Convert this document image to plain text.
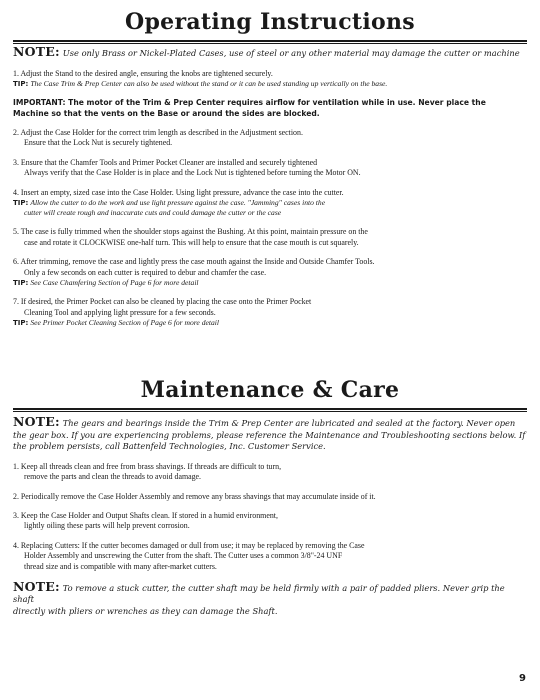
Operating Instructions

NOTE: Use only Brass or Nickel-Plated Cases, use of steel or any other material may damage the cutter or machine

1. Adjust the Stand to the desired angle, ensuring the knobs are tightened securely.

TIP: The Case Trim & Prep Center can also be used without the stand or it can be used standing up vertically on the base.

IMPORTANT: The motor of the Trim & Prep Center requires airflow for ventilation while in use. Never place the

Machine so that the vents on the Base or around the sides are blocked.

2. Adjust the Case Holder for the correct trim length as described in the Adjustment section.

Ensure that the Lock Nut is securely tightened.

3. Ensure that the Chamfer Tools and Primer Pocket Cleaner are installed and securely tightened

Always verify that the Case Holder is in place and the Lock Nut is tightened before turning the Motor ON.

4. Insert an empty, sized case into the Case Holder. Using light pressure, advance the case into the cutter.

TIP: Allow the cutter to do the work and use light pressure against the case. "Jamming" cases into the

cutter will create rough and inaccurate cuts and could damage the cutter or the case

5. The case is fully trimmed when the shoulder stops against the Bushing. At this point, maintain pressure on the

case and rotate it CLOCKWISE one-half turn. This will help to ensure that the case mouth is cut squarely.

6. After trimming, remove the case and lightly press the case mouth against the Inside and Outside Chamfer Tools.

Only a few seconds on each cutter is required to debur and chamfer the case.

TIP: See Case Chamfering Section of Page 6 for more detail

7. If desired, the Primer Pocket can also be cleaned by placing the case onto the Primer Pocket

Cleaning Tool and applying light pressure for a few seconds.

TIP: See Primer Pocket Cleaning Section of Page 6 for more detail

Maintenance & Care

NOTE: The gears and bearings inside the Trim & Prep Center are lubricated and sealed at the factory. Never open

the gear box. If you are experiencing problems, please reference the Maintenance and Troubleshooting sections below. If

the problem persists, call Battenfeld Technologies, Inc. Customer Service.

1. Keep all threads clean and free from brass shavings. If threads are difficult to turn,

remove the parts and clean the threads to avoid damage.

2. Periodically remove the Case Holder Assembly and remove any brass shavings that may accumulate inside of it.

3. Keep the Case Holder and Output Shafts clean. If stored in a humid environment,

lightly oiling these parts will help prevent corrosion.

4. Replacing Cutters: If the cutter becomes damaged or dull from use; it may be replaced by removing the Case

Holder Assembly and unscrewing the Cutter from the shaft. The Cutter uses a common 3/8"-24 UNF

thread size and is compatible with many after-market cutters.

NOTE: To remove a stuck cutter, the cutter shaft may be held firmly with a pair of padded pliers. Never grip the shaft

directly with pliers or wrenches as they can damage the Shaft.

9
